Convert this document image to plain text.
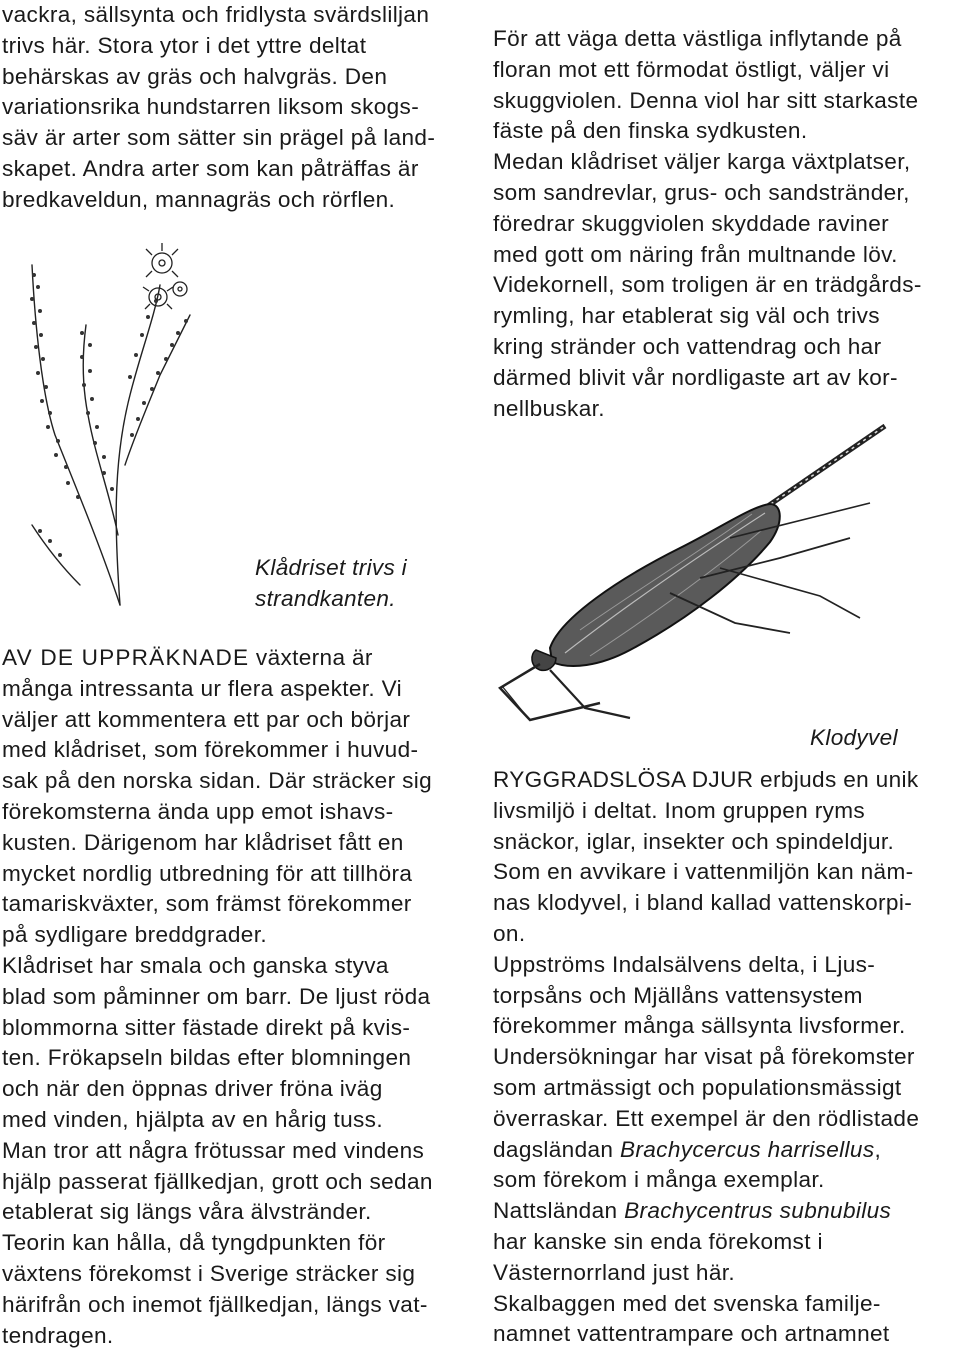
vackra, sällsynta och fridlysta svärdsliljan

trivs här. Stora ytor i det yttre deltat

behärskas av gräs och halvgräs. Den

variationsrika hundstarren liksom skogs-

säv är arter som sätter sin prägel på land-

skapet. Andra arter som kan påträffas är

bredkaveldun, mannagräs och rörflen.

För att väga detta västliga inflytande på

floran mot ett förmodat östligt, väljer vi

skuggviolen. Denna viol har sitt starkaste

fäste på den finska sydkusten.

Medan klådriset väljer karga växtplatser,

som sandrevlar, grus- och sandstränder,

föredrar skuggviolen skyddade raviner

med gott om näring från multnande löv.

Videkornell, som troligen är en trädgårds-

rymling, har etablerat sig väl och trivs

kring stränder och vattendrag och har

därmed blivit vår nordligaste art av kor-

nellbuskar.

Klådriset trivs i
strandkanten.
Klodyvel

AV DE UPPRÄKNADE växterna är

många intressanta ur flera aspekter. Vi

väljer att kommentera ett par och börjar

med klådriset, som förekommer i huvud-

sak på den norska sidan. Där sträcker sig

förekomsterna ända upp emot ishavs-

kusten. Därigenom har klådriset fått en

mycket nordlig utbredning för att tillhöra

tamariskväxter, som främst förekommer

på sydligare breddgrader.

Klådriset har smala och ganska styva

blad som påminner om barr. De ljust röda

blommorna sitter fästade direkt på kvis-

ten. Frökapseln bildas efter blomningen

och när den öppnas driver fröna iväg

med vinden, hjälpta av en hårig tuss.

Man tror att några frötussar med vindens

hjälp passerat fjällkedjan, grott och sedan

etablerat sig längs våra älvstränder.

Teorin kan hålla, då tyngdpunkten för

växtens förekomst i Sverige sträcker sig

härifrån och inemot fjällkedjan, längs vat-

tendragen.

RYGGRADSLÖSA DJUR erbjuds en unik

livsmiljö i deltat. Inom gruppen ryms

snäckor, iglar, insekter och spindeldjur.

Som en avvikare i vattenmiljön kan näm-

nas klodyvel, i bland kallad vattenskorpi-

on.

Uppströms Indalsälvens delta, i Ljus-

torpsåns och Mjällåns vattensystem

förekommer många sällsynta livsformer.

Undersökningar har visat på förekomster

som artmässigt och populationsmässigt

överraskar. Ett exempel är den rödlistade

dagsländan Brachycercus harrisellus,

som förekom i många exemplar.

Nattsländan Brachycentrus subnubilus

har kanske sin enda förekomst i

Västernorrland just här.

Skalbaggen med det svenska familje-

namnet vattentrampare och artnamnet
